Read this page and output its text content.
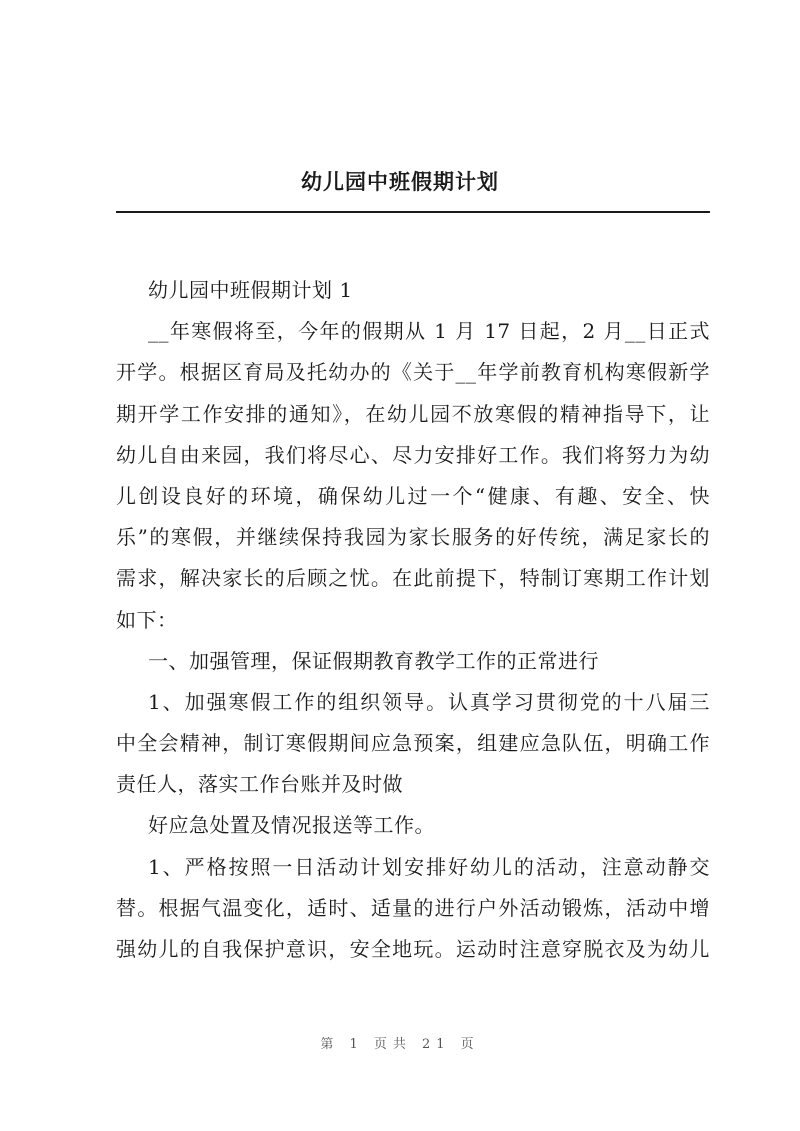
幼儿园中班假期计划
幼儿园中班假期计划 1
__年寒假将至，今年的假期从 1 月 17 日起，2 月__日正式
开学。根据区育局及托幼办的《关于__年学前教育机构寒假新学
期开学工作安排的通知》，在幼儿园不放寒假的精神指导下，让
幼儿自由来园，我们将尽心、尽力安排好工作。我们将努力为幼
儿创设良好的环境，确保幼儿过一个“健康、有趣、安全、快
乐”的寒假，并继续保持我园为家长服务的好传统，满足家长的
需求，解决家长的后顾之忧。在此前提下，特制订寒期工作计划
如下：
一、加强管理，保证假期教育教学工作的正常进行
1、加强寒假工作的组织领导。认真学习贯彻党的十八届三
中全会精神，制订寒假期间应急预案，组建应急队伍，明确工作
责任人，落实工作台账并及时做
好应急处置及情况报送等工作。
1、严格按照一日活动计划安排好幼儿的活动，注意动静交
替。根据气温变化，适时、适量的进行户外活动锻炼，活动中增
强幼儿的自我保护意识，安全地玩。运动时注意穿脱衣及为幼儿
第 1 页共 21 页
